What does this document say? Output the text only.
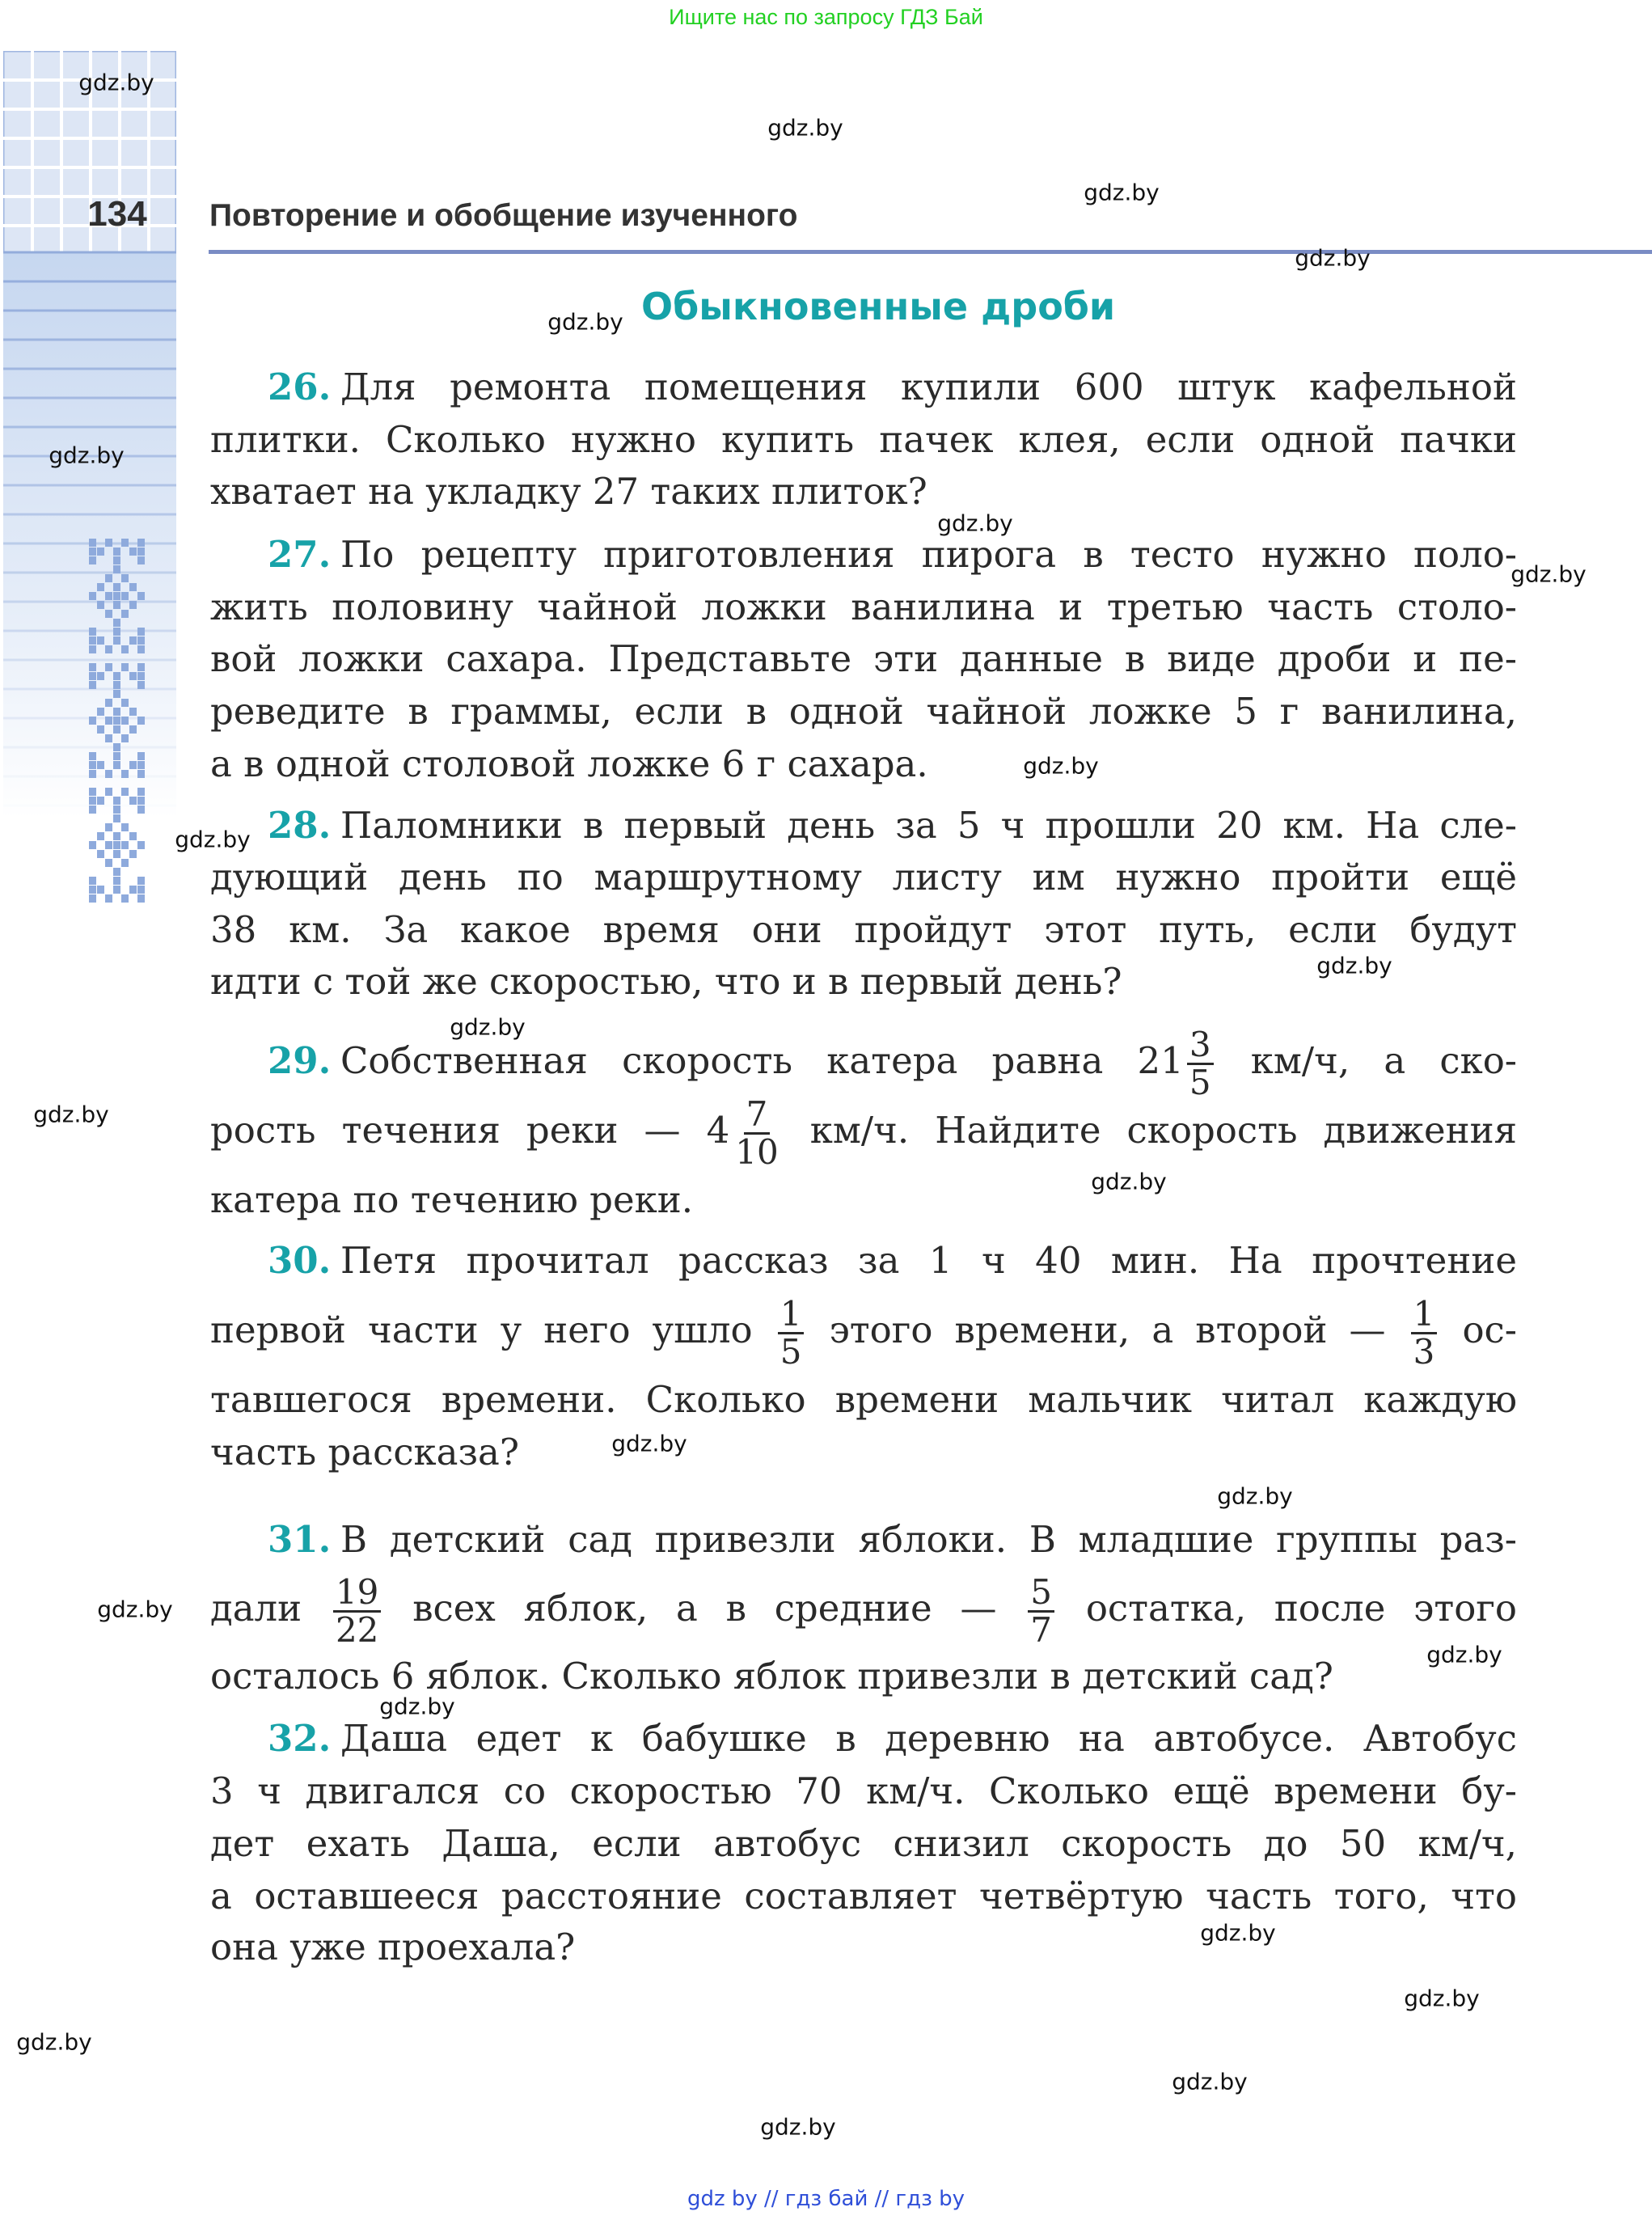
Ищите нас по запросу ГДЗ Бай
134 Повторение и обобщение изученного
Обыкновенные дроби
26. Для ремонта помещения купили 600 штук кафельной
плитки. Сколько нужно купить пачек клея, если одной пачки
хватает на укладку 27 таких плиток?
27. По рецепту приготовления пирога в тесто нужно поло-
жить половину чайной ложки ванилина и третью часть столо-
вой ложки сахара. Представьте эти данные в виде дроби и пе-
реведите в граммы, если в одной чайной ложке 5 г ванилина,
а в одной столовой ложке 6 г сахара.
28. Паломники в первый день за 5 ч прошли 20 км. На сле-
дующий день по маршрутному листу им нужно пройти ещё
38 км. За какое время они пройдут этот путь, если будут
идти с той же скоростью, что и в первый день?
29. Собственная скорость катера равна $21 \frac{3}{5} км/ч$, а ско-
рость течения реки — $4 \frac{7}{10} км/ч$. Найдите скорость движения
катера по течению реки.
30. Петя прочитал рассказ за 1 ч 40 мин. На прочтение
первой части у него ушло $\frac{1}{5}$ этого времени, а второй — $\frac{1}{3} ос-$
тавшегося времени. Сколько времени мальчик читал каждую
часть рассказа?
31. В детский сад привезли яблоки. В младшие группы раз-
дали $\frac{19}{22}$ всех яблок, а в средние — $\frac{5}{7}$ остатка, после этого
осталось 6 яблок. Сколько яблок привезли в детский сад?
32. Даша едет к бабушке в деревню на автобусе. Автобус
3 ч двигался со скоростью 70 км/ч. Сколько ещё времени бу-
дет ехать Даша, если автобус снизил скорость до 50 км/ч,
а оставшееся расстояние составляет четвёртую часть того, что
она уже проехала?
gdz.by
gdz.by
gdz.by
gdz.by
gdz.by
gdz.by
gdz.by
gdz.by
gdz.by
gdz.by
gdz.by
gdz.by
gdz.by
gdz.by
gdz.by
gdz.by
gdz.by
gdz.by
gdz.by
gdz.by
gdz.by
gdz.by
gdz.by
gdz.by
gdz by // гдз бай // гдз by
